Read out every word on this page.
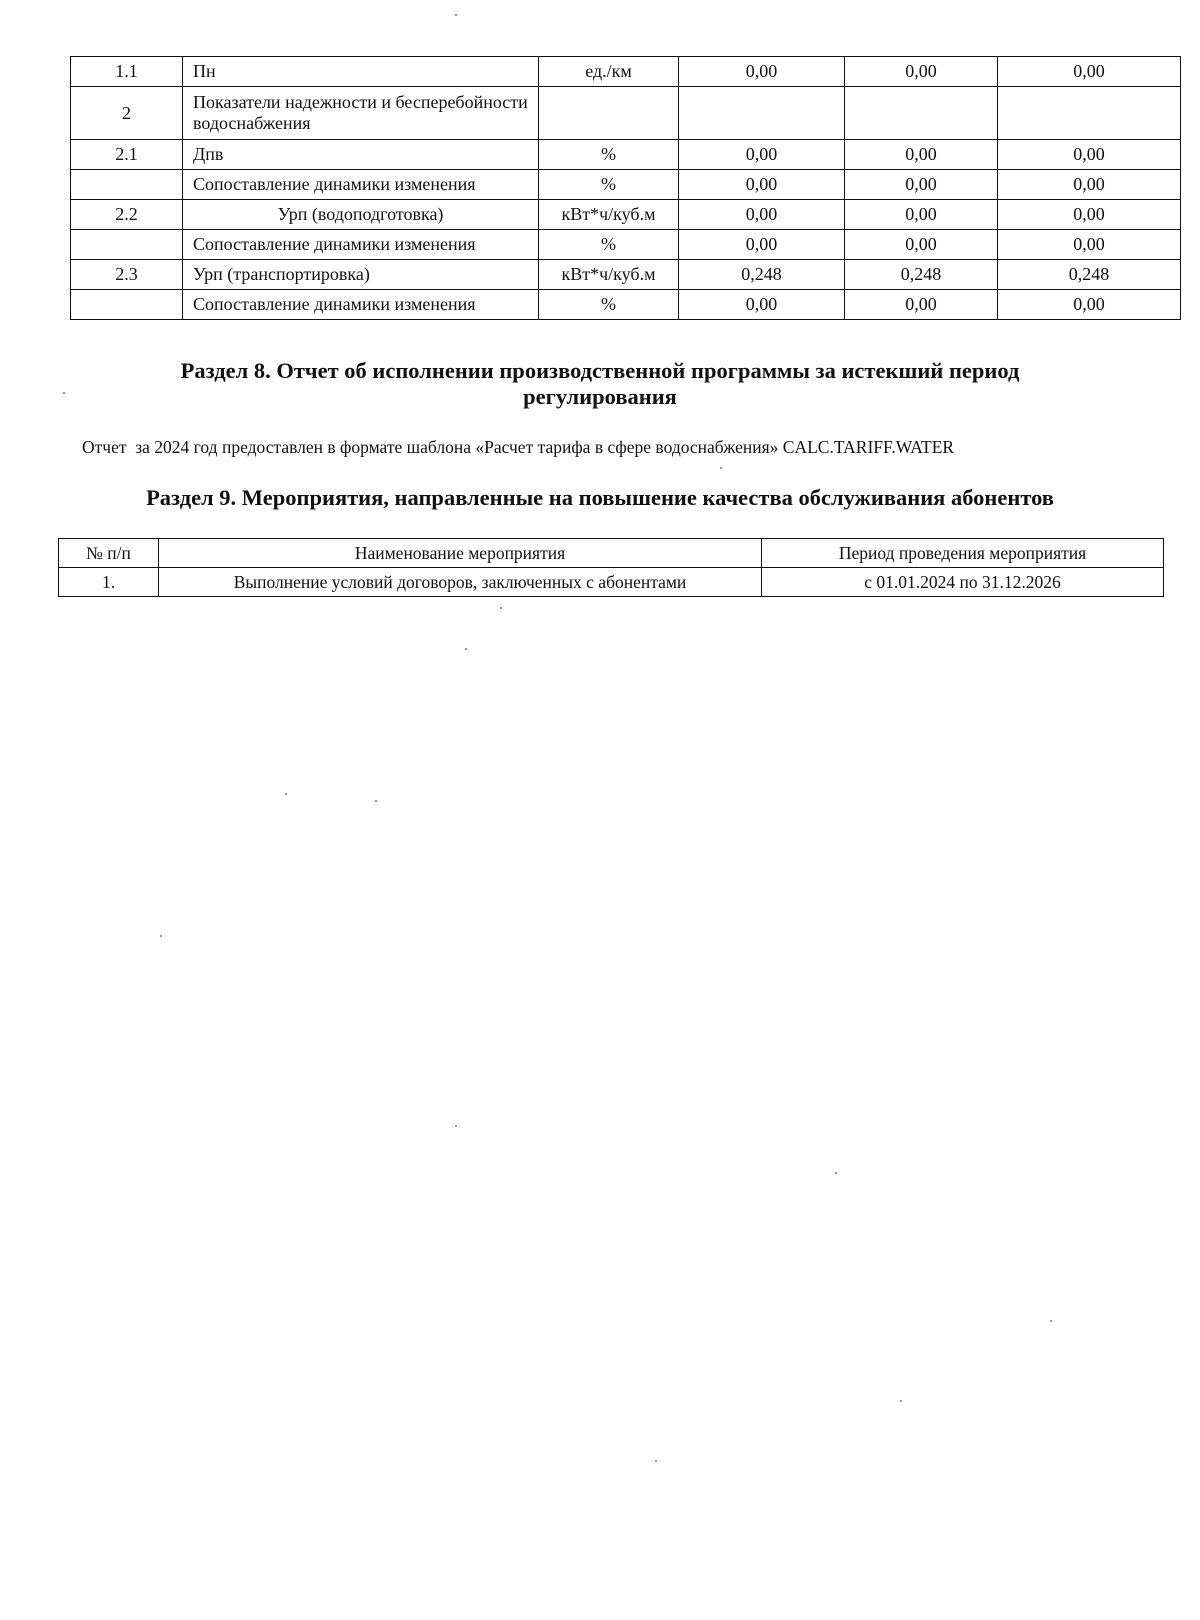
1.1	Пн	ед./км	0,00	0,00	0,00
2	Показатели надежности и бесперебойности водоснабжения				
2.1	Дпв	%	0,00	0,00	0,00
	Сопоставление динамики изменения	%	0,00	0,00	0,00
2.2	Урп (водоподготовка)	кВт*ч/куб.м	0,00	0,00	0,00
	Сопоставление динамики изменения	%	0,00	0,00	0,00
2.3	Урп (транспортировка)	кВт*ч/куб.м	0,248	0,248	0,248
	Сопоставление динамики изменения	%	0,00	0,00	0,00
Раздел 8. Отчет об исполнении производственной программы за истекший период
регулирования

Отчет  за 2024 год предоставлен в формате шаблона «Расчет тарифа в сфере водоснабжения» CALC.TARIFF.WATER

Раздел 9. Мероприятия, направленные на повышение качества обслуживания абонентов
№ п/п	Наименование мероприятия	Период проведения мероприятия
1.	Выполнение условий договоров, заключенных с абонентами	с 01.01.2024 по 31.12.2026
